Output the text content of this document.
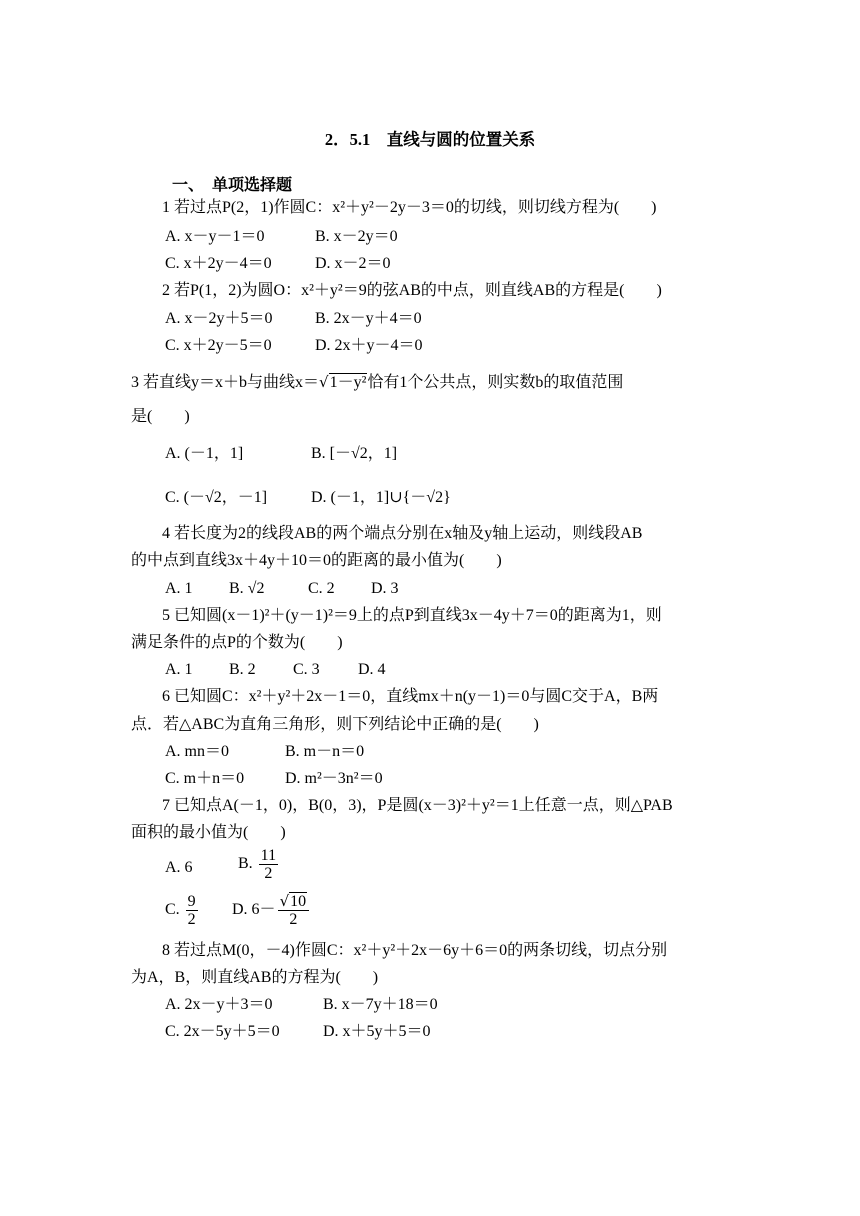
2．5.1　直线与圆的位置关系
一、　单项选择题
1 若过点P(2，1)作圆C：x²＋y²－2y－3＝0的切线，则切线方程为(　　)
A. x－y－1＝0	B. x－2y＝0
C. x＋2y－4＝0	D. x－2＝0
2 若P(1，2)为圆O：x²＋y²＝9的弦AB的中点，则直线AB的方程是(　　)
A. x－2y＋5＝0	B. 2x－y＋4＝0
C. x＋2y－5＝0	D. 2x＋y－4＝0
3 若直线y＝x＋b与曲线x＝√1－y²恰有1个公共点，则实数b的取值范围
是(　　)
A. (－1，1]	B. [－√2，1]
C. (－√2，－1]	D. (－1，1]∪{－√2}
4 若长度为2的线段AB的两个端点分别在x轴及y轴上运动，则线段AB
的中点到直线3x＋4y＋10＝0的距离的最小值为(　　)
A. 1 B. √2	C. 2 D. 3
5 已知圆(x－1)²＋(y－1)²＝9上的点P到直线3x－4y＋7＝0的距离为1，则
满足条件的点P的个数为(　　)
A. 1 B. 2 C. 3 D. 4
6 已知圆C：x²＋y²＋2x－1＝0，直线mx＋n(y－1)＝0与圆C交于A，B两
点．若△ABC为直角三角形，则下列结论中正确的是(　　)
A. mn＝0	B. m－n＝0
C. m＋n＝0	D. m²－3n²＝0
7 已知点A(－1，0)，B(0，3)，P是圆(x－3)²＋y²＝1上任意一点，则△PAB
面积的最小值为(　　)
A. 6	B. $\frac{11}{2}$
C. $\frac{9}{2} D$. $6- \frac{√10}{2}$
8 若过点M(0，－4)作圆C：x²＋y²＋2x－6y＋6＝0的两条切线，切点分别
为A，B，则直线AB的方程为(　　)
A. 2x－y＋3＝0	B. x－7y＋18＝0
C. 2x－5y＋5＝0	D. x＋5y＋5＝0
